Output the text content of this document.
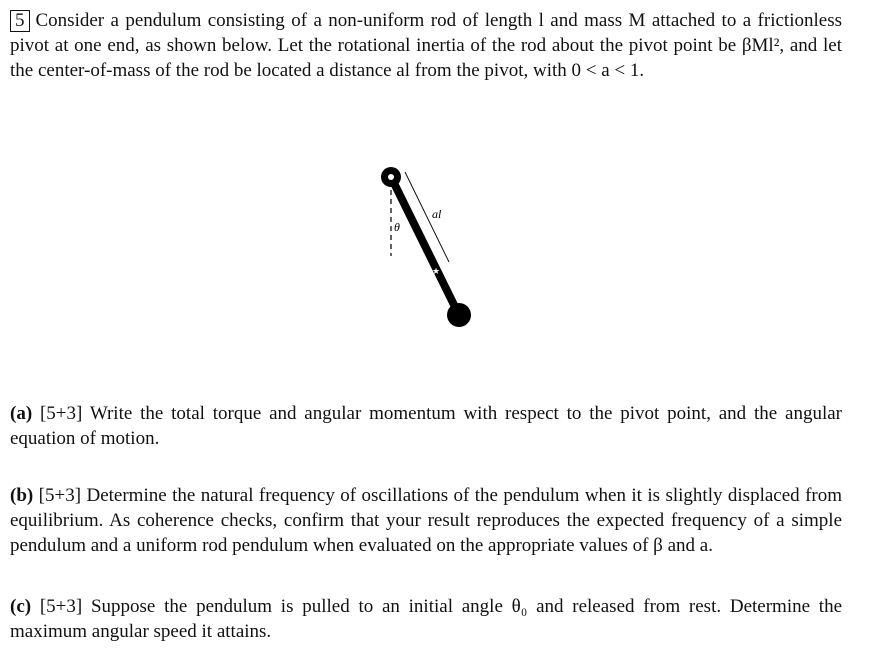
5 Consider a pendulum consisting of a non-uniform rod of length l and mass M attached to a frictionless pivot at one end, as shown below. Let the rotational inertia of the rod about the pivot point be βMl², and let the center-of-mass of the rod be located a distance al from the pivot, with 0 < a < 1.
★
θ
al
(a) [5+3] Write the total torque and angular momentum with respect to the pivot point, and the angular equation of motion.
(b) [5+3] Determine the natural frequency of oscillations of the pendulum when it is slightly displaced from equilibrium. As coherence checks, confirm that your result reproduces the expected frequency of a simple pendulum and a uniform rod pendulum when evaluated on the appropriate values of β and a.
(c) [5+3] Suppose the pendulum is pulled to an initial angle θ₀ and released from rest. Determine the maximum angular speed it attains.
